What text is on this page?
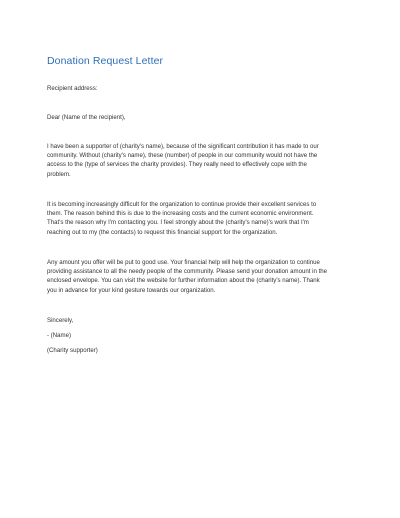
Donation Request Letter
Recipient address:
Dear (Name of the recipient),
I have been a supporter of (charity's name), because of the significant contribution it has made to our
community. Without (charity's name), these (number) of people in our community would not have the
access to the (type of services the charity provides). They really need to effectively cope with the
problem.
It is becoming increasingly difficult for the organization to continue provide their excellent services to
them. The reason behind this is due to the increasing costs and the current economic environment.
That's the reason why I'm contacting you. I feel strongly about the (charity's name)'s work that I'm
reaching out to my (the contacts) to request this financial support for the organization.
Any amount you offer will be put to good use. Your financial help will help the organization to continue
providing assistance to all the needy people of the community. Please send your donation amount in the
enclosed envelope. You can visit the website for further information about the (charity's name). Thank
you in advance for your kind gesture towards our organization.
Sincerely,
- (Name)
(Charity supporter)
